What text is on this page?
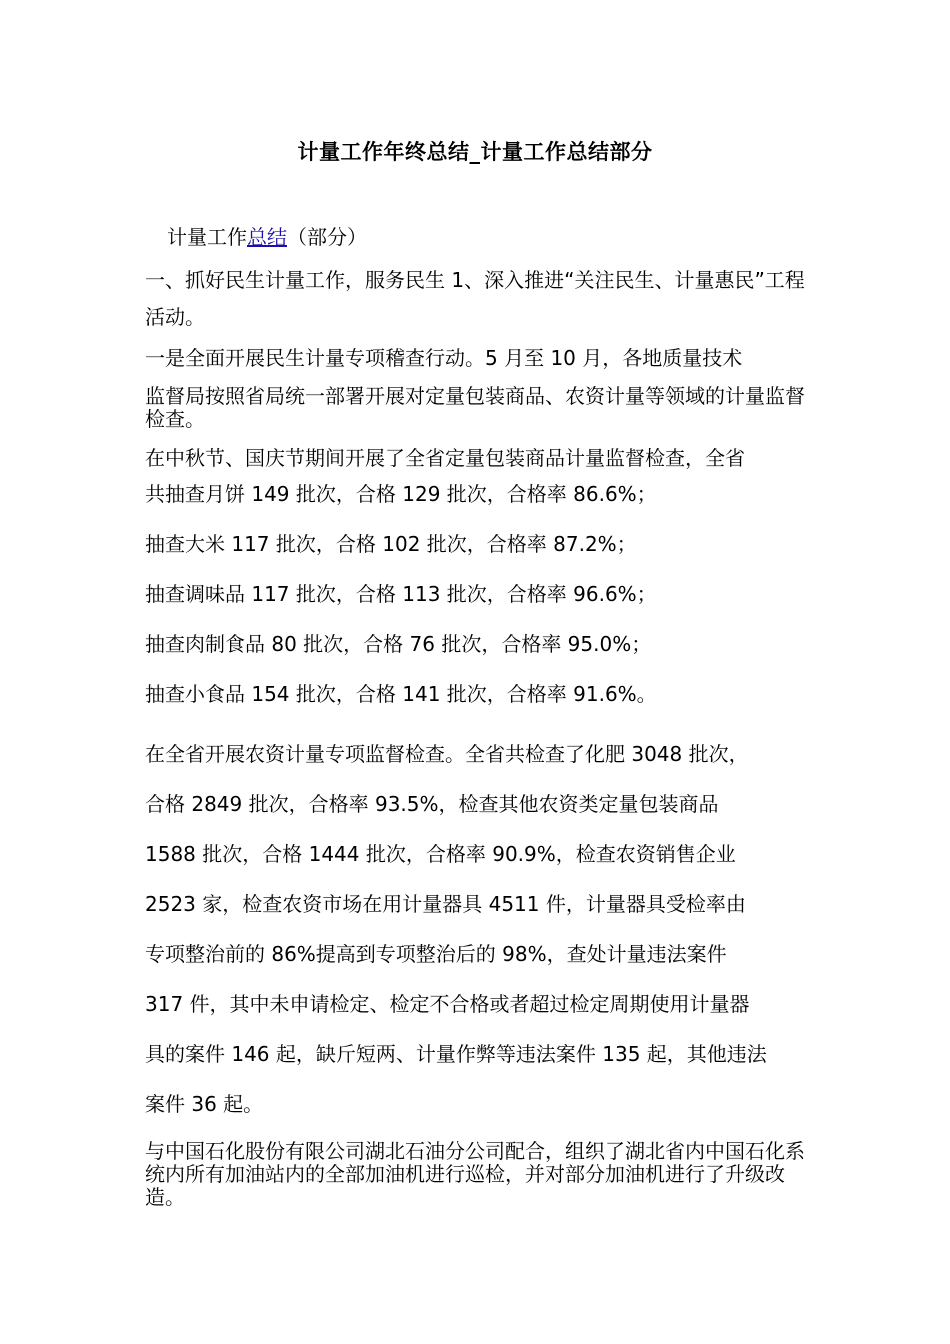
计量工作年终总结_计量工作总结部分

计量工作总结（部分）

一、抓好民生计量工作，服务民生 1、深入推进“关注民生、计量惠民”工程活动。

一是全面开展民生计量专项稽查行动。5 月至 10 月，各地质量技术

监督局按照省局统一部署开展对定量包装商品、农资计量等领域的计量监督检查。

在中秋节、国庆节期间开展了全省定量包装商品计量监督检查，全省

共抽查月饼 149 批次，合格 129 批次，合格率 86.6%；

抽查大米 117 批次，合格 102 批次，合格率 87.2%；

抽查调味品 117 批次，合格 113 批次，合格率 96.6%；

抽查肉制食品 80 批次，合格 76 批次，合格率 95.0%；

抽查小食品 154 批次，合格 141 批次，合格率 91.6%。

在全省开展农资计量专项监督检查。全省共检查了化肥 3048 批次，

合格 2849 批次，合格率 93.5%，检查其他农资类定量包装商品

1588 批次，合格 1444 批次，合格率 90.9%，检查农资销售企业

2523 家，检查农资市场在用计量器具 4511 件，计量器具受检率由

专项整治前的 86%提高到专项整治后的 98%，查处计量违法案件

317 件，其中未申请检定、检定不合格或者超过检定周期使用计量器

具的案件 146 起，缺斤短两、计量作弊等违法案件 135 起，其他违法

案件 36 起。

与中国石化股份有限公司湖北石油分公司配合，组织了湖北省内中国石化系统内所有加油站内的全部加油机进行巡检，并对部分加油机进行了升级改造。
